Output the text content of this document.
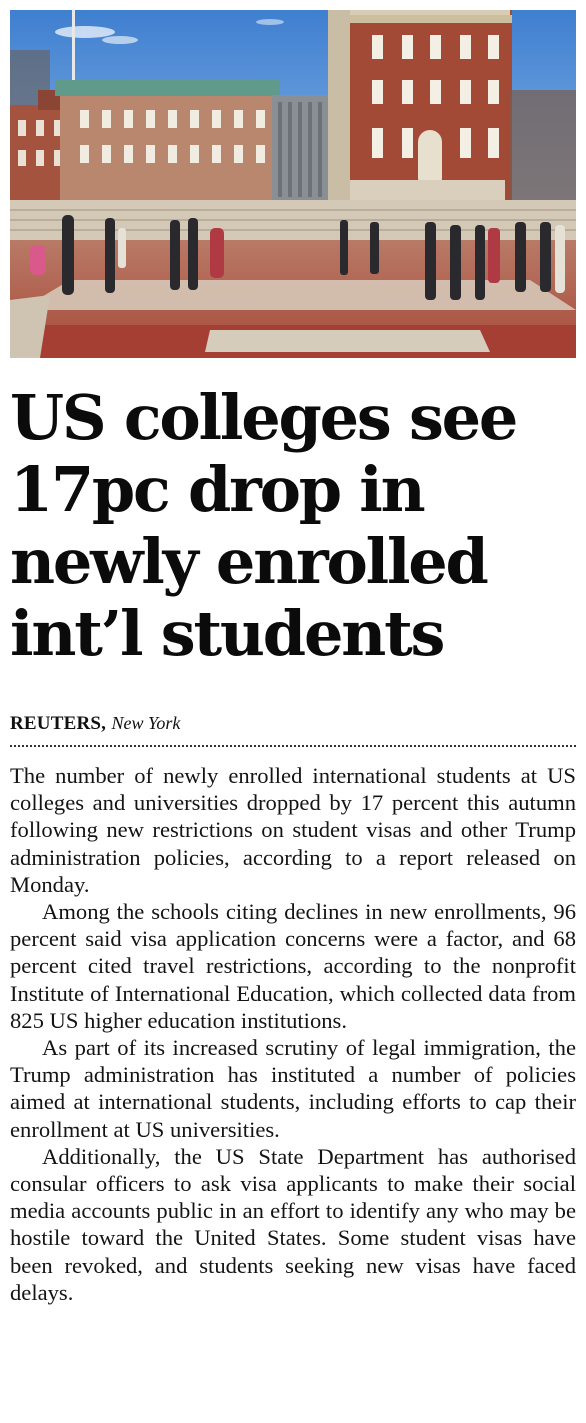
US colleges see
17pc drop in
newly enrolled
int’l students
REUTERS, New York

The number of newly enrolled international students at US colleges and universities dropped by 17 percent this autumn following new restrictions on student visas and other Trump administration policies, according to a report released on Monday.

Among the schools citing declines in new enrollments, 96 percent said visa application concerns were a factor, and 68 percent cited travel restrictions, according to the nonprofit Institute of International Education, which collected data from 825 US higher education institutions.

As part of its increased scrutiny of legal immigration, the Trump administration has instituted a number of policies aimed at international students, including efforts to cap their enrollment at US universities.

Additionally, the US State Department has authorised consular officers to ask visa applicants to make their social media accounts public in an effort to identify any who may be hostile toward the United States. Some student visas have been revoked, and students seeking new visas have faced delays.
